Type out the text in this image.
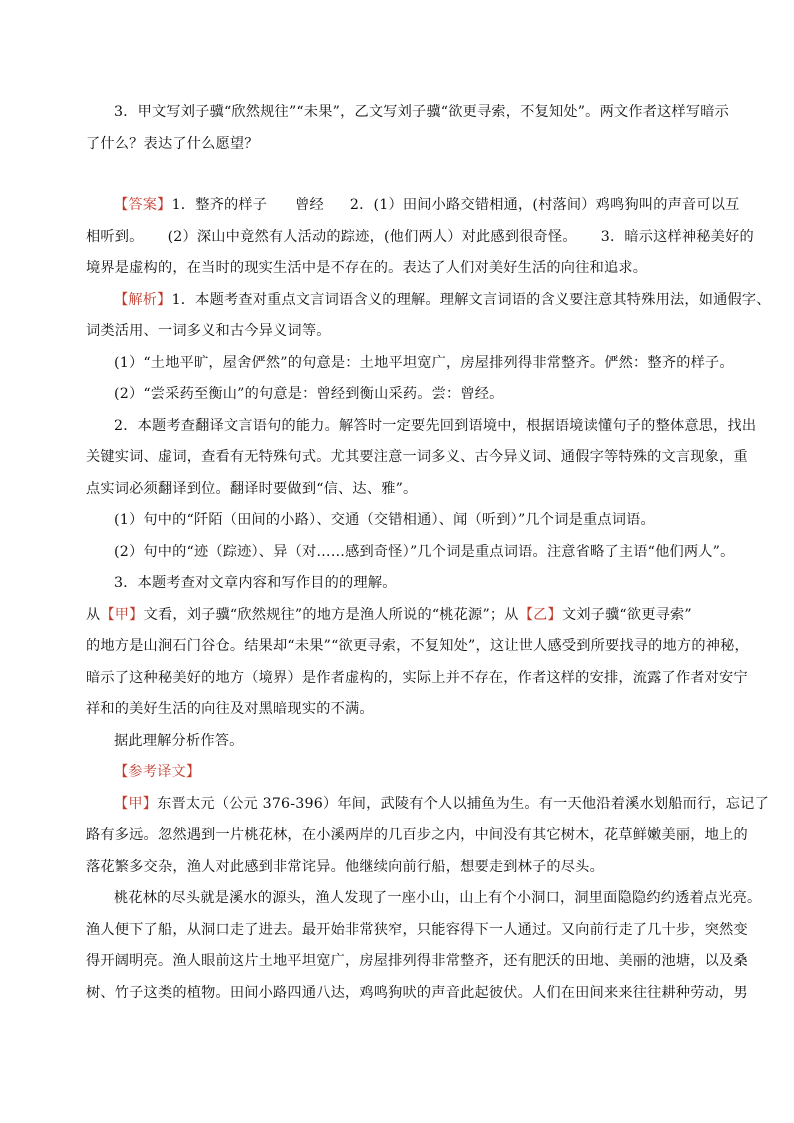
3．甲文写刘子骥“欣然规往”“未果”，乙文写刘子骥“欲更寻索，不复知处”。两文作者这样写暗示

了什么？表达了什么愿望？

【答案】1．整齐的样子 曾经 2．(1）田间小路交错相通，(村落间）鸡鸣狗叫的声音可以互

相听到。 (2）深山中竟然有人活动的踪迹，(他们两人）对此感到很奇怪。 3．暗示这样神秘美好的

境界是虚构的，在当时的现实生活中是不存在的。表达了人们对美好生活的向往和追求。

【解析】1．本题考查对重点文言词语含义的理解。理解文言词语的含义要注意其特殊用法，如通假字、

词类活用、一词多义和古今异义词等。

(1）“土地平旷，屋舍俨然”的句意是：土地平坦宽广，房屋排列得非常整齐。俨然：整齐的样子。

(2）“尝采药至衡山”的句意是：曾经到衡山采药。尝：曾经。

2．本题考查翻译文言语句的能力。解答时一定要先回到语境中，根据语境读懂句子的整体意思，找出

关键实词、虚词，查看有无特殊句式。尤其要注意一词多义、古今异义词、通假字等特殊的文言现象，重

点实词必须翻译到位。翻译时要做到“信、达、雅”。

(1）句中的“阡陌（田间的小路）、交通（交错相通）、闻（听到）”几个词是重点词语。

(2）句中的“迹（踪迹）、异（对……感到奇怪）”几个词是重点词语。注意省略了主语“他们两人”。

3．本题考查对文章内容和写作目的的理解。

从【甲】文看，刘子骥“欣然规往”的地方是渔人所说的“桃花源”；从【乙】文刘子骥“欲更寻索”

的地方是山涧石门谷仓。结果却“未果”“欲更寻索，不复知处”，这让世人感受到所要找寻的地方的神秘，

暗示了这种秘美好的地方（境界）是作者虚构的，实际上并不存在，作者这样的安排，流露了作者对安宁

祥和的美好生活的向往及对黑暗现实的不满。

据此理解分析作答。

【参考译文】

【甲】东晋太元（公元 376-396）年间，武陵有个人以捕鱼为生。有一天他沿着溪水划船而行，忘记了

路有多远。忽然遇到一片桃花林，在小溪两岸的几百步之内，中间没有其它树木，花草鲜嫩美丽，地上的

落花繁多交杂，渔人对此感到非常诧异。他继续向前行船，想要走到林子的尽头。

桃花林的尽头就是溪水的源头，渔人发现了一座小山，山上有个小洞口，洞里面隐隐约约透着点光亮。

渔人便下了船，从洞口走了进去。最开始非常狭窄，只能容得下一人通过。又向前行走了几十步，突然变

得开阔明亮。渔人眼前这片土地平坦宽广，房屋排列得非常整齐，还有肥沃的田地、美丽的池塘，以及桑

树、竹子这类的植物。田间小路四通八达，鸡鸣狗吠的声音此起彼伏。人们在田间来来往往耕种劳动，男
